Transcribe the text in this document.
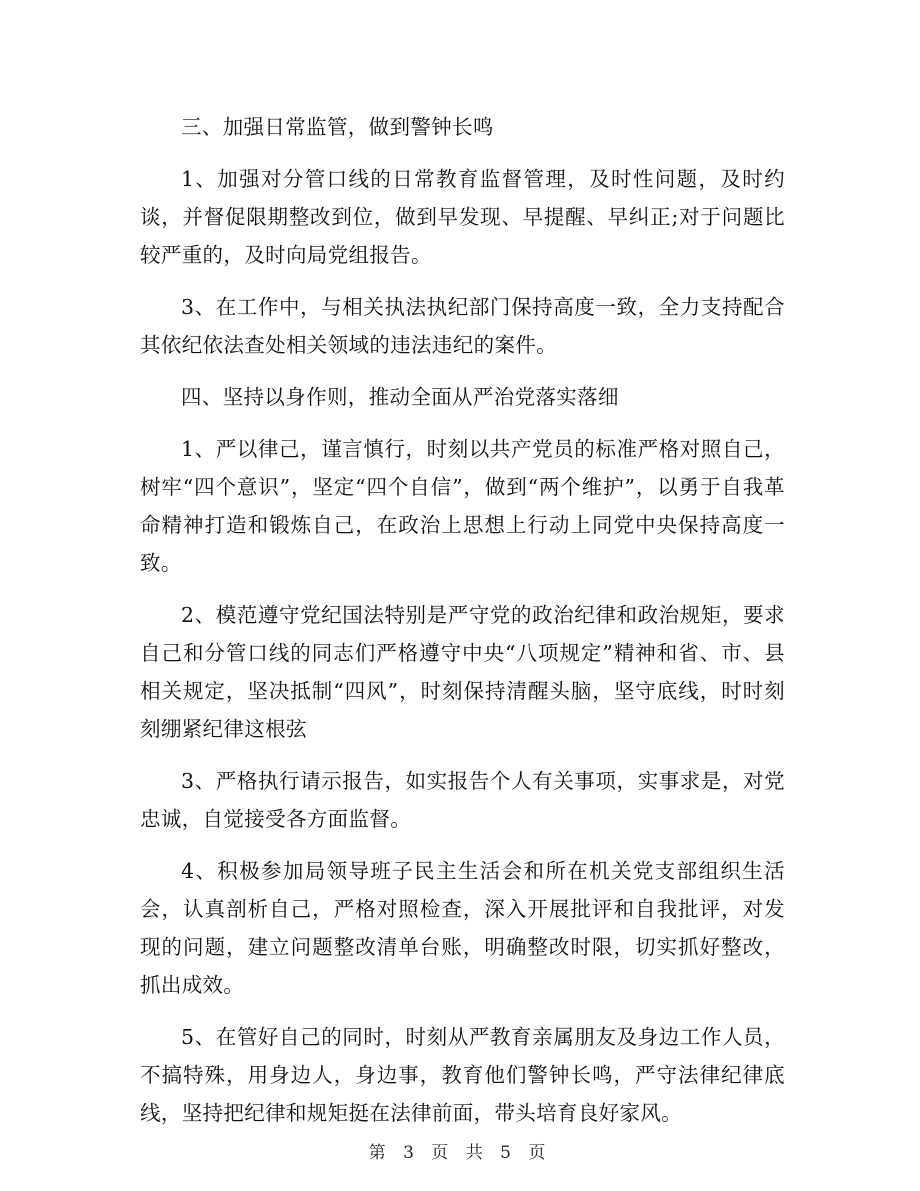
三、加强日常监管，做到警钟长鸣

1、加强对分管口线的日常教育监督管理，及时性问题，及时约谈，并督促限期整改到位，做到早发现、早提醒、早纠正;对于问题比较严重的，及时向局党组报告。

3、在工作中，与相关执法执纪部门保持高度一致，全力支持配合其依纪依法查处相关领域的违法违纪的案件。

四、坚持以身作则，推动全面从严治党落实落细

1、严以律己，谨言慎行，时刻以共产党员的标准严格对照自己，树牢“四个意识”，坚定“四个自信”，做到“两个维护”，以勇于自我革命精神打造和锻炼自己，在政治上思想上行动上同党中央保持高度一致。

2、模范遵守党纪国法特别是严守党的政治纪律和政治规矩，要求自己和分管口线的同志们严格遵守中央“八项规定”精神和省、市、县相关规定，坚决抵制“四风”，时刻保持清醒头脑，坚守底线，时时刻刻绷紧纪律这根弦

3、严格执行请示报告，如实报告个人有关事项，实事求是，对党忠诚，自觉接受各方面监督。

4、积极参加局领导班子民主生活会和所在机关党支部组织生活会，认真剖析自己，严格对照检查，深入开展批评和自我批评，对发现的问题，建立问题整改清单台账，明确整改时限，切实抓好整改，抓出成效。

5、在管好自己的同时，时刻从严教育亲属朋友及身边工作人员，不搞特殊，用身边人，身边事，教育他们警钟长鸣，严守法律纪律底线，坚持把纪律和规矩挺在法律前面，带头培育良好家风。

第 3 页 共 5 页
